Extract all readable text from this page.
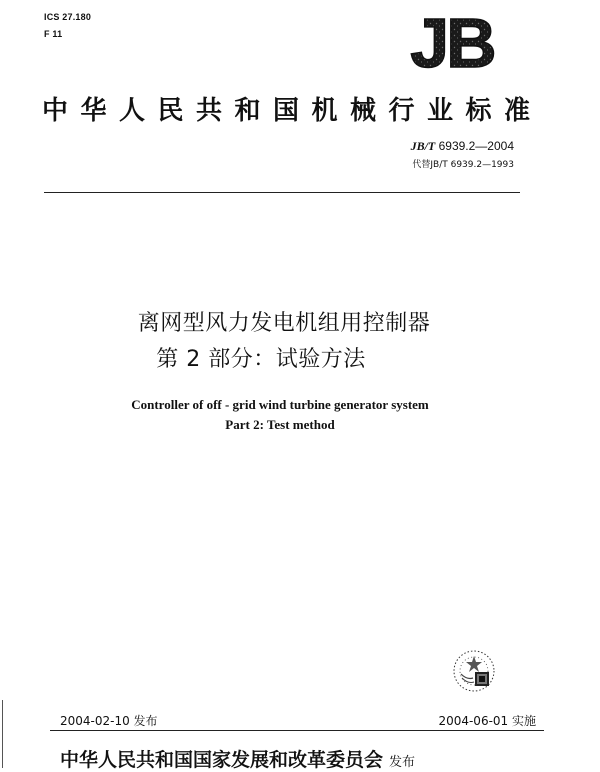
ICS 27.180
F 11	JB
中华人民共和国机械行业标准
JB/T 6939.2—2004
代替JB/T 6939.2—1993
离网型风力发电机组用控制器
第 2 部分：试验方法
Controller of off - grid wind turbine generator system
Part 2: Test method
2004-02-10 发布	2004-06-01 实施
中华人民共和国国家发展和改革委员会 发布
